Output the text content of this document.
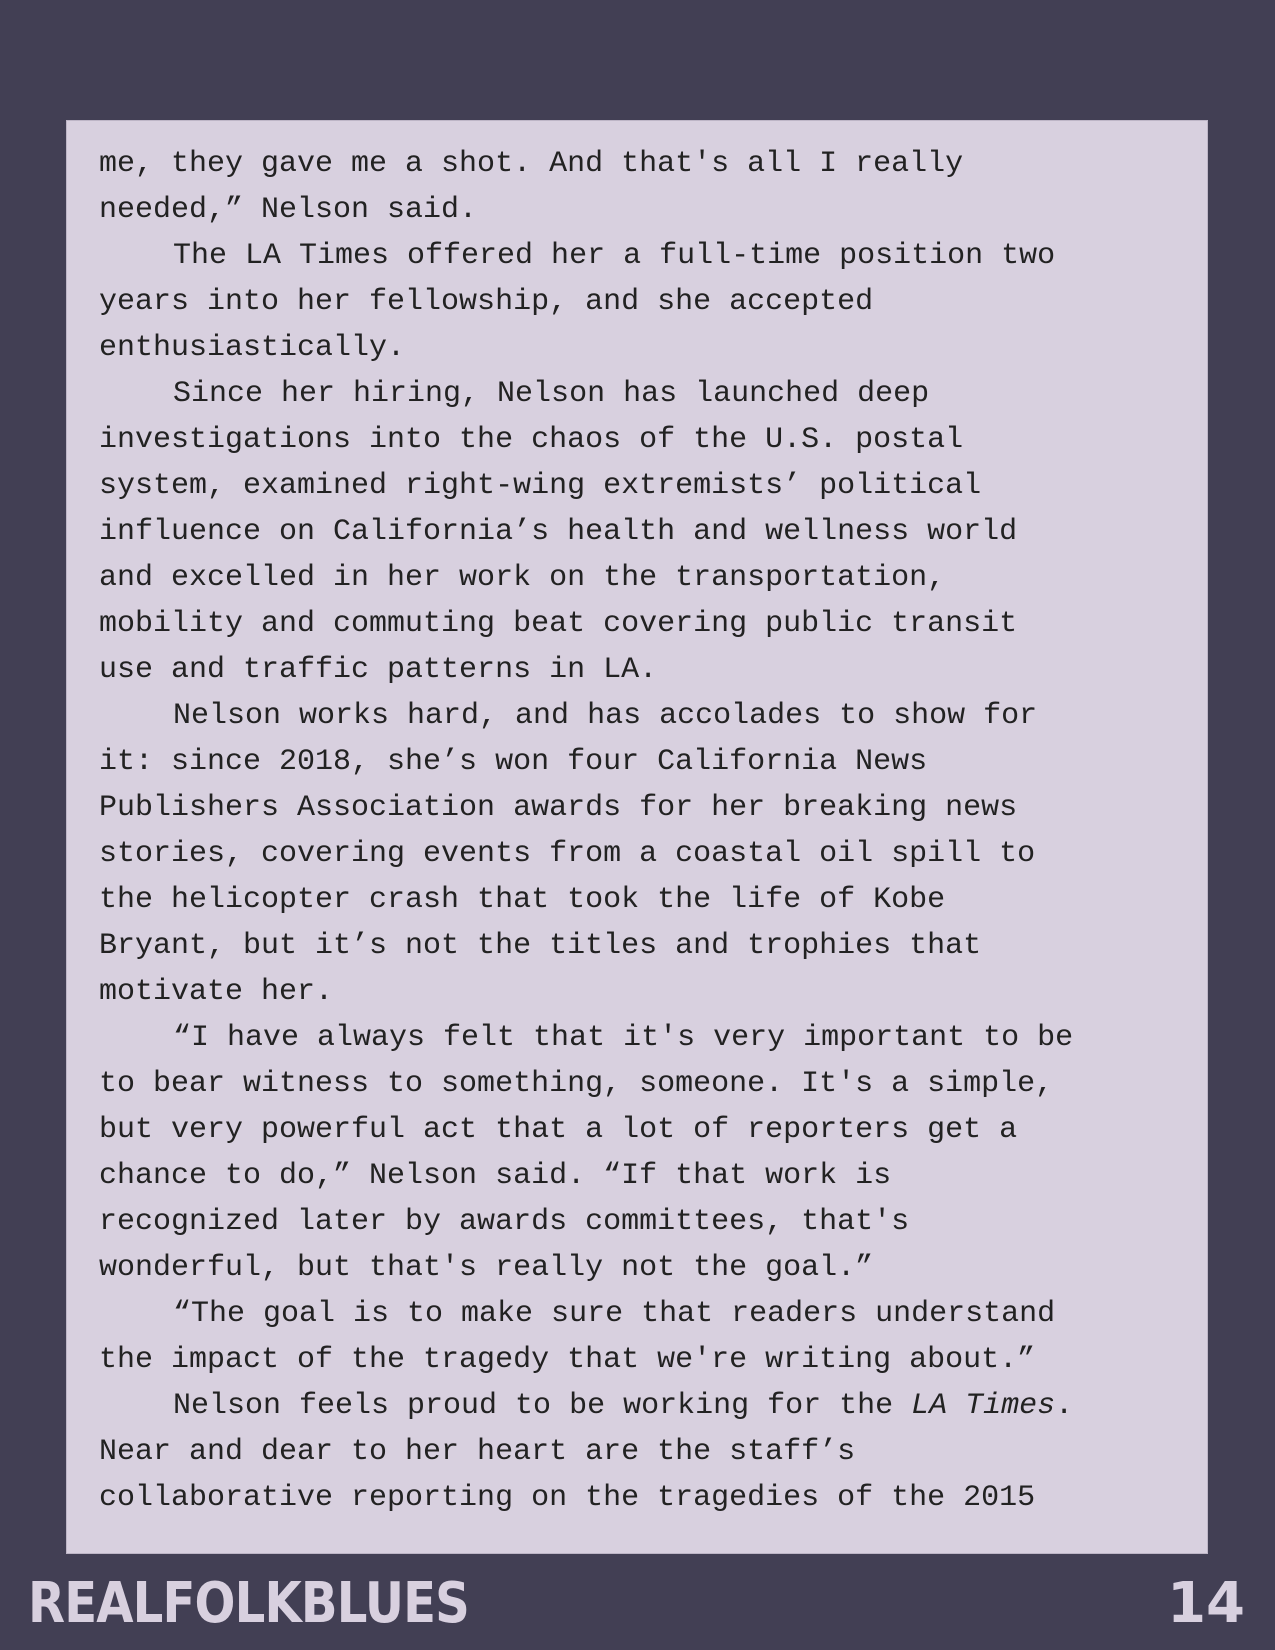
me, they gave me a shot. And that's all I really
needed,” Nelson said.
The LA Times offered her a full-time position two
years into her fellowship, and she accepted
enthusiastically.
Since her hiring, Nelson has launched deep
investigations into the chaos of the U.S. postal
system, examined right-wing extremists’ political
influence on California’s health and wellness world
and excelled in her work on the transportation,
mobility and commuting beat covering public transit
use and traffic patterns in LA.
Nelson works hard, and has accolades to show for
it: since 2018, she’s won four California News
Publishers Association awards for her breaking news
stories, covering events from a coastal oil spill to
the helicopter crash that took the life of Kobe
Bryant, but it’s not the titles and trophies that
motivate her.
“I have always felt that it's very important to be
to bear witness to something, someone. It's a simple,
but very powerful act that a lot of reporters get a
chance to do,” Nelson said. “If that work is
recognized later by awards committees, that's
wonderful, but that's really not the goal.”
“The goal is to make sure that readers understand
the impact of the tragedy that we're writing about.”
Nelson feels proud to be working for the LA Times.
Near and dear to her heart are the staff’s
collaborative reporting on the tragedies of the 2015
REALFOLKBLUES	14
